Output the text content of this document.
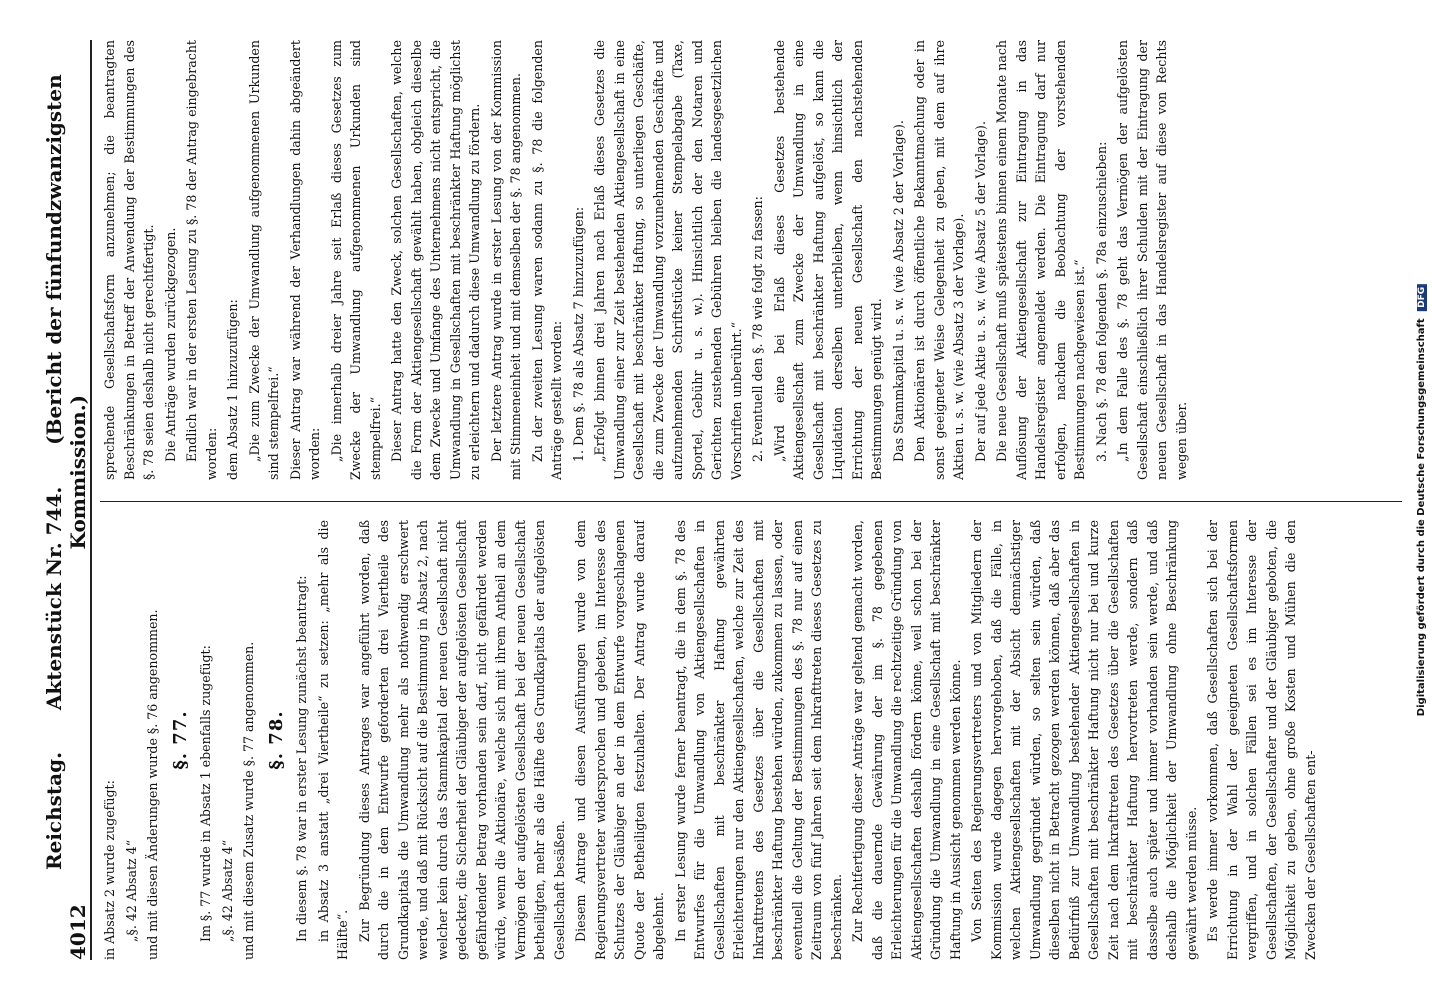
4012
Reichstag.      Aktenstück Nr. 744.      (Bericht der fünfundzwanzigsten Kommission.)

in Absatz 2 wurde zugefügt: „§. 42 Absatz 4“ und mit diesen Änderungen wurde §. 76 angenommen. §. 77. Im §. 77 wurde in Absatz 1 ebenfalls zugefügt: „§. 42 Absatz 4“ und mit diesem Zusatz wurde §. 77 angenommen. §. 78. In diesem §. 78 war in erster Lesung zunächst beantragt: in Absatz 3 anstatt „drei Viertheile“ zu setzen: „mehr als die Hälfte“. Zur Begründung dieses Antrages war angeführt worden, daß durch die in dem Entwurfe geforderten drei Viertheile des Grundkapitals die Umwandlung mehr als nothwendig erschwert werde, und daß mit Rücksicht auf die Bestimmung in Absatz 2, nach welcher kein durch das Stammkapital der neuen Gesellschaft nicht gedeckter, die Sicherheit der Gläubiger der aufgelösten Gesellschaft gefährdender Betrag vorhanden sein darf, nicht gefährdet werden würde, wenn die Aktionäre, welche sich mit ihrem Antheil an dem Vermögen der aufgelösten Gesellschaft bei der neuen Gesellschaft betheiligten, mehr als die Hälfte des Grundkapitals der aufgelösten Gesellschaft besäßen. Diesem Antrage und diesen Ausführungen wurde von dem Regierungsvertreter widersprochen und gebeten, im Interesse des Schutzes der Gläubiger an der in dem Entwurfe vorgeschlagenen Quote der Betheiligten festzuhalten. Der Antrag wurde darauf abgelehnt. In erster Lesung wurde ferner beantragt, die in dem §. 78 des Entwurfes für die Umwandlung von Aktiengesellschaften in Gesellschaften mit beschränkter Haftung gewährten Erleichterungen nur den Aktiengesellschaften, welche zur Zeit des Inkrafttretens des Gesetzes über die Gesellschaften mit beschränkter Haftung bestehen würden, zukommen zu lassen, oder eventuell die Geltung der Bestimmungen des §. 78 nur auf einen Zeitraum von fünf Jahren seit dem Inkrafttreten dieses Gesetzes zu beschränken. Zur Rechtfertigung dieser Anträge war geltend gemacht worden, daß die dauernde Gewährung der im §. 78 gegebenen Erleichterungen für die Umwandlung die rechtzeitige Gründung von Aktiengesellschaften deshalb fördern könne, weil schon bei der Gründung die Umwandlung in eine Gesellschaft mit beschränkter Haftung in Aussicht genommen werden könne. Von Seiten des Regierungsvertreters und von Mitgliedern der Kommission wurde dagegen hervorgehoben, daß die Fälle, in welchen Aktiengesellschaften mit der Absicht demnächstiger Umwandlung gegründet würden, so selten sein würden, daß dieselben nicht in Betracht gezogen werden können, daß aber das Bedürfniß zur Umwandlung bestehender Aktiengesellschaften in Gesellschaften mit beschränkter Haftung nicht nur bei und kurze Zeit nach dem Inkrafttreten des Gesetzes über die Gesellschaften mit beschränkter Haftung hervortreten werde, sondern daß dasselbe auch später und immer vorhanden sein werde, und daß deshalb die Möglichkeit der Umwandlung ohne Beschränkung gewährt werden müsse. Es werde immer vorkommen, daß Gesellschaften sich bei der Errichtung in der Wahl der geeigneten Gesellschaftsformen vergriffen, und in solchen Fällen sei es im Interesse der Gesellschaften, der Gesellschafter und der Gläubiger geboten, die Möglichkeit zu geben, ohne große Kosten und Mühen die den Zwecken der Gesellschaften ent-

sprechende Gesellschaftsform anzunehmen; die beantragten Beschränkungen in Betreff der Anwendung der Bestimmungen des §. 78 seien deshalb nicht gerechtfertigt. Die Anträge wurden zurückgezogen. Endlich war in der ersten Lesung zu §. 78 der Antrag eingebracht worden: dem Absatz 1 hinzuzufügen: „Die zum Zwecke der Umwandlung aufgenommenen Urkunden sind stempelfrei.“ Dieser Antrag war während der Verhandlungen dahin abgeändert worden: „Die innerhalb dreier Jahre seit Erlaß dieses Gesetzes zum Zwecke der Umwandlung aufgenommenen Urkunden sind stempelfrei.“ Dieser Antrag hatte den Zweck, solchen Gesellschaften, welche die Form der Aktiengesellschaft gewählt haben, obgleich dieselbe dem Zwecke und Umfange des Unternehmens nicht entspricht, die Umwandlung in Gesellschaften mit beschränkter Haftung möglichst zu erleichtern und dadurch diese Umwandlung zu fördern. Der letztere Antrag wurde in erster Lesung von der Kommission mit Stimmeneinheit und mit demselben der §. 78 angenommen. Zu der zweiten Lesung waren sodann zu §. 78 die folgenden Anträge gestellt worden: 1. Dem §. 78 als Absatz 7 hinzuzufügen: „Erfolgt binnen drei Jahren nach Erlaß dieses Gesetzes die Umwandlung einer zur Zeit bestehenden Aktiengesellschaft in eine Gesellschaft mit beschränkter Haftung, so unterliegen Geschäfte, die zum Zwecke der Umwandlung vorzunehmenden Geschäfte und aufzunehmenden Schriftstücke keiner Stempelabgabe (Taxe, Sportel, Gebühr u. s. w.). Hinsichtlich der den Notaren und Gerichten zustehenden Gebühren bleiben die landesgesetzlichen Vorschriften unberührt.“ 2. Eventuell den §. 78 wie folgt zu fassen: „Wird eine bei Erlaß dieses Gesetzes bestehende Aktiengesellschaft zum Zwecke der Umwandlung in eine Gesellschaft mit beschränkter Haftung aufgelöst, so kann die Liquidation derselben unterbleiben, wenn hinsichtlich der Errichtung der neuen Gesellschaft den nachstehenden Bestimmungen genügt wird. Das Stammkapital u. s. w. (wie Absatz 2 der Vorlage). Den Aktionären ist durch öffentliche Bekanntmachung oder in sonst geeigneter Weise Gelegenheit zu geben, mit dem auf ihre Aktien u. s. w. (wie Absatz 3 der Vorlage). Der auf jede Aktie u. s. w. (wie Absatz 5 der Vorlage). Die neue Gesellschaft muß spätestens binnen einem Monate nach Auflösung der Aktiengesellschaft zur Eintragung in das Handelsregister angemeldet werden. Die Eintragung darf nur erfolgen, nachdem die Beobachtung der vorstehenden Bestimmungen nachgewiesen ist.“ 3. Nach §. 78 den folgenden §. 78a einzuschieben: „In dem Falle des §. 78 geht das Vermögen der aufgelösten Gesellschaft einschließlich ihrer Schulden mit der Eintragung der neuen Gesellschaft in das Handelsregister auf diese von Rechts wegen über.	Digitalisierung gefördert durch die Deutsche Forschungsgemeinschaft DFG
